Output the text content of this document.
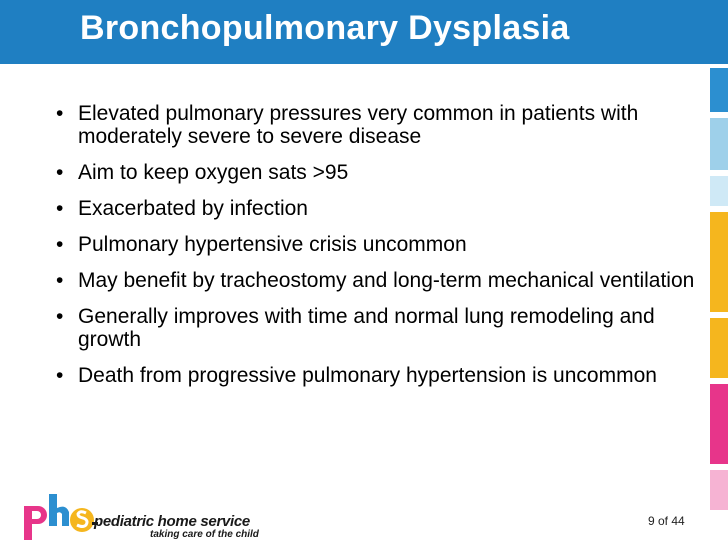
Bronchopulmonary Dysplasia
• Elevated pulmonary pressures very common in patients with moderately severe to severe disease
• Aim to keep oxygen sats >95
• Exacerbated by infection
• Pulmonary hypertensive crisis uncommon
• May benefit by tracheostomy and long-term mechanical ventilation
• Generally improves with time and normal lung remodeling and growth
• Death from progressive pulmonary hypertension is uncommon
pediatric home service
taking care of the child
9 of 44
